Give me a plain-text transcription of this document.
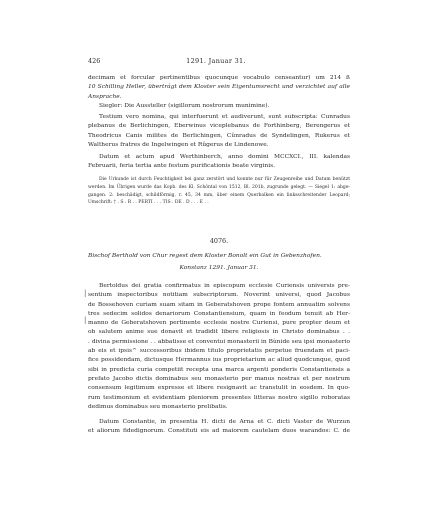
426	1291. Januar 31.
decimam et forcular pertinentibus quocunque vocabulo censeantur) um 214 ß
10 Schilling Heller, übertrágt dem Kloster sein Eigentumsrecht und verzichtet auf alle
Ansprache.
Siegler: Die Aussteller (sigillorum nostrorum munimine).
Testium vero nomina, qui interfuerunt et audiverunt, sunt subscripta: Cunradus
plebanus de Berlichingen, Eberwinus viceplebanus de Forthinberg, Berengerus et
Theodricus Canis milites de Berlichingen, Cûnradus de Syndelingen, Rukerus et
Waltherus fratres de Ingelwingen et Rûgerus de Lindenowe.
Datum et actum apud Werthinberch, anno domini MCCXCI., III. kalendas
Februarii, feria tertia ante festum purificationis beate virginis.
Die Urkunde ist durch Feuchtigkeit bei ganz zerstört und konnte nur für Zeugenreihe und Datum benützt
werden. Im Übrigen wurde das Kopb. des Kl. Schöntal von 1512, Bl. 201b, zugrunde gelegt. — Siegel 1: abge-
gangen. 2: beschädigt, schildförmig, r. 45, 34 mm, über einem Querbalken ein linksschreitender Leopard;
Umschrift: † . S . R . . PERTI . . . TIS . DE . D . . . E . .
4076.
Bischof Berthold von Chur regest dem Kloster Bonolt ein Gut in Gebenzhofen.
Konstanz 1291. Januar 31.
Bertoldus dei gratia confirmatus in episcopum ecclesie Curiensis universis pre-
sentium inspectoribus notitiam subscriptorum. Noverint universi, quod Jacobus
de Bossehoven curiam suam sitam in Geberatshoven prope fontem annuatim solvens
tres sedecim solidos denariorum Constantiensium, quam in feodum tenuit ab Her-
manno de Geberatshoven pertinente ecclesie nostre Curiensi, pure propter deum et
ob salutem anime sue donavit et tradidit libere religiosis in Christo dominabus . .
. divina permissione . . abbatisse et conventui monasterii in Bùnide seu ipsi monasterio
ab eis et ipsis^ successoribus ibidem titulo proprietatis perpetue fruendam et paci-
fice possidendam, dictusque Hermannus ius proprietarium ac aliud quodcunque, quod
sibi in predicta curia competiit recepta una marca argenti ponderis Constantiensis a
prefato Jacobo dictis dominabus seu monasterio per manus nostras et per nostrum
consensum legitimum expresse et libere resignavit ac transtulit in eosdem. In quo-
rum testimonium et evidentiam pleniorem presentes litteras nostro sigillo roboratas
dedimus dominabus seu monasterio prelibatis.
Datum Constantie, in presentia H. dicti de Arna et C. dicti Vaster de Wurzun
et aliorum fidedignorum. Constituti eis ad maiorem cautelam duos warandos: C. de
|
|
